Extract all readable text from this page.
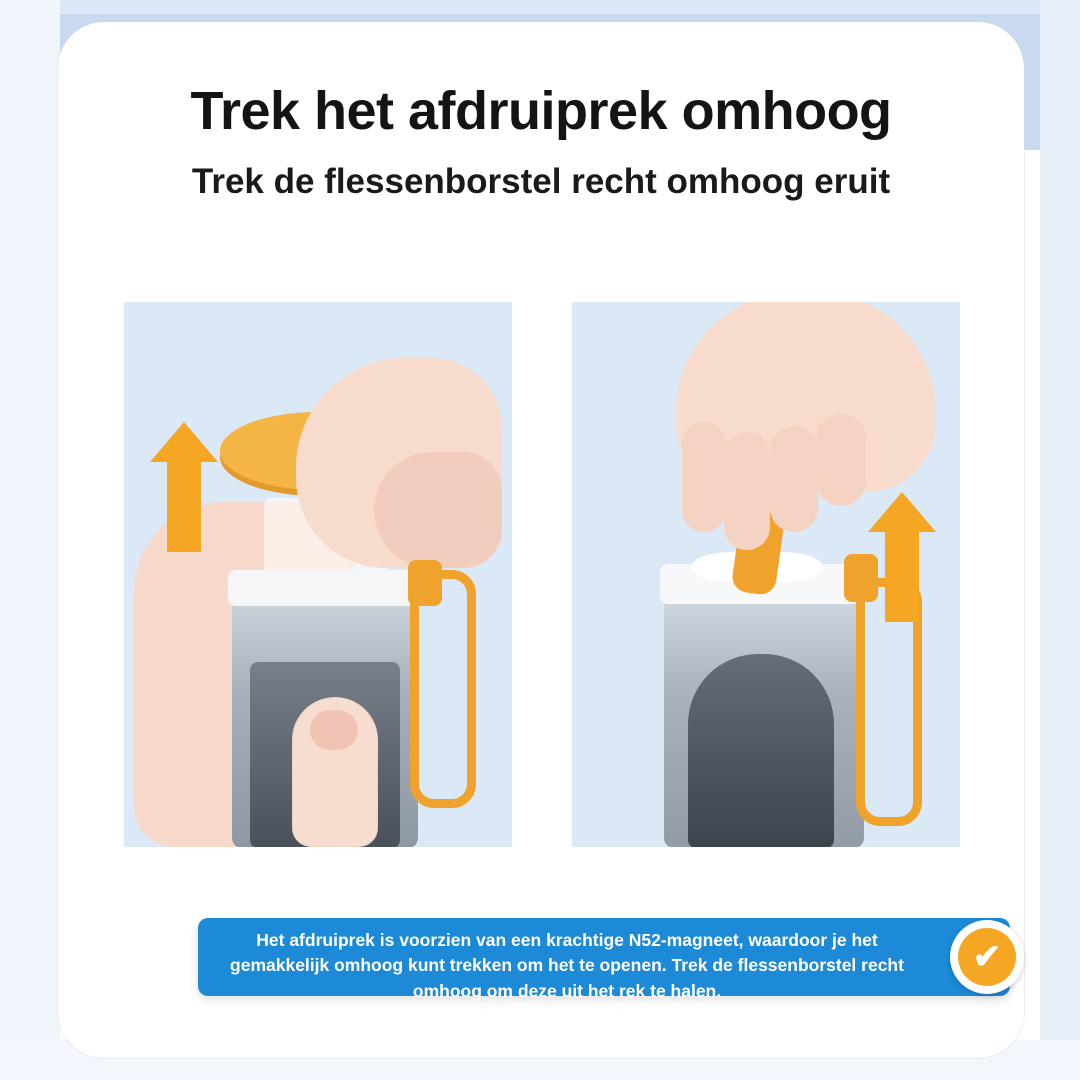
Trek het afdruiprek omhoog
Trek de flessenborstel recht omhoog eruit
Het afdruiprek is voorzien van een krachtige N52-magneet, waardoor je het gemakkelijk omhoog kunt trekken om het te openen. Trek de flessenborstel recht omhoog om deze uit het rek te halen.
✔
